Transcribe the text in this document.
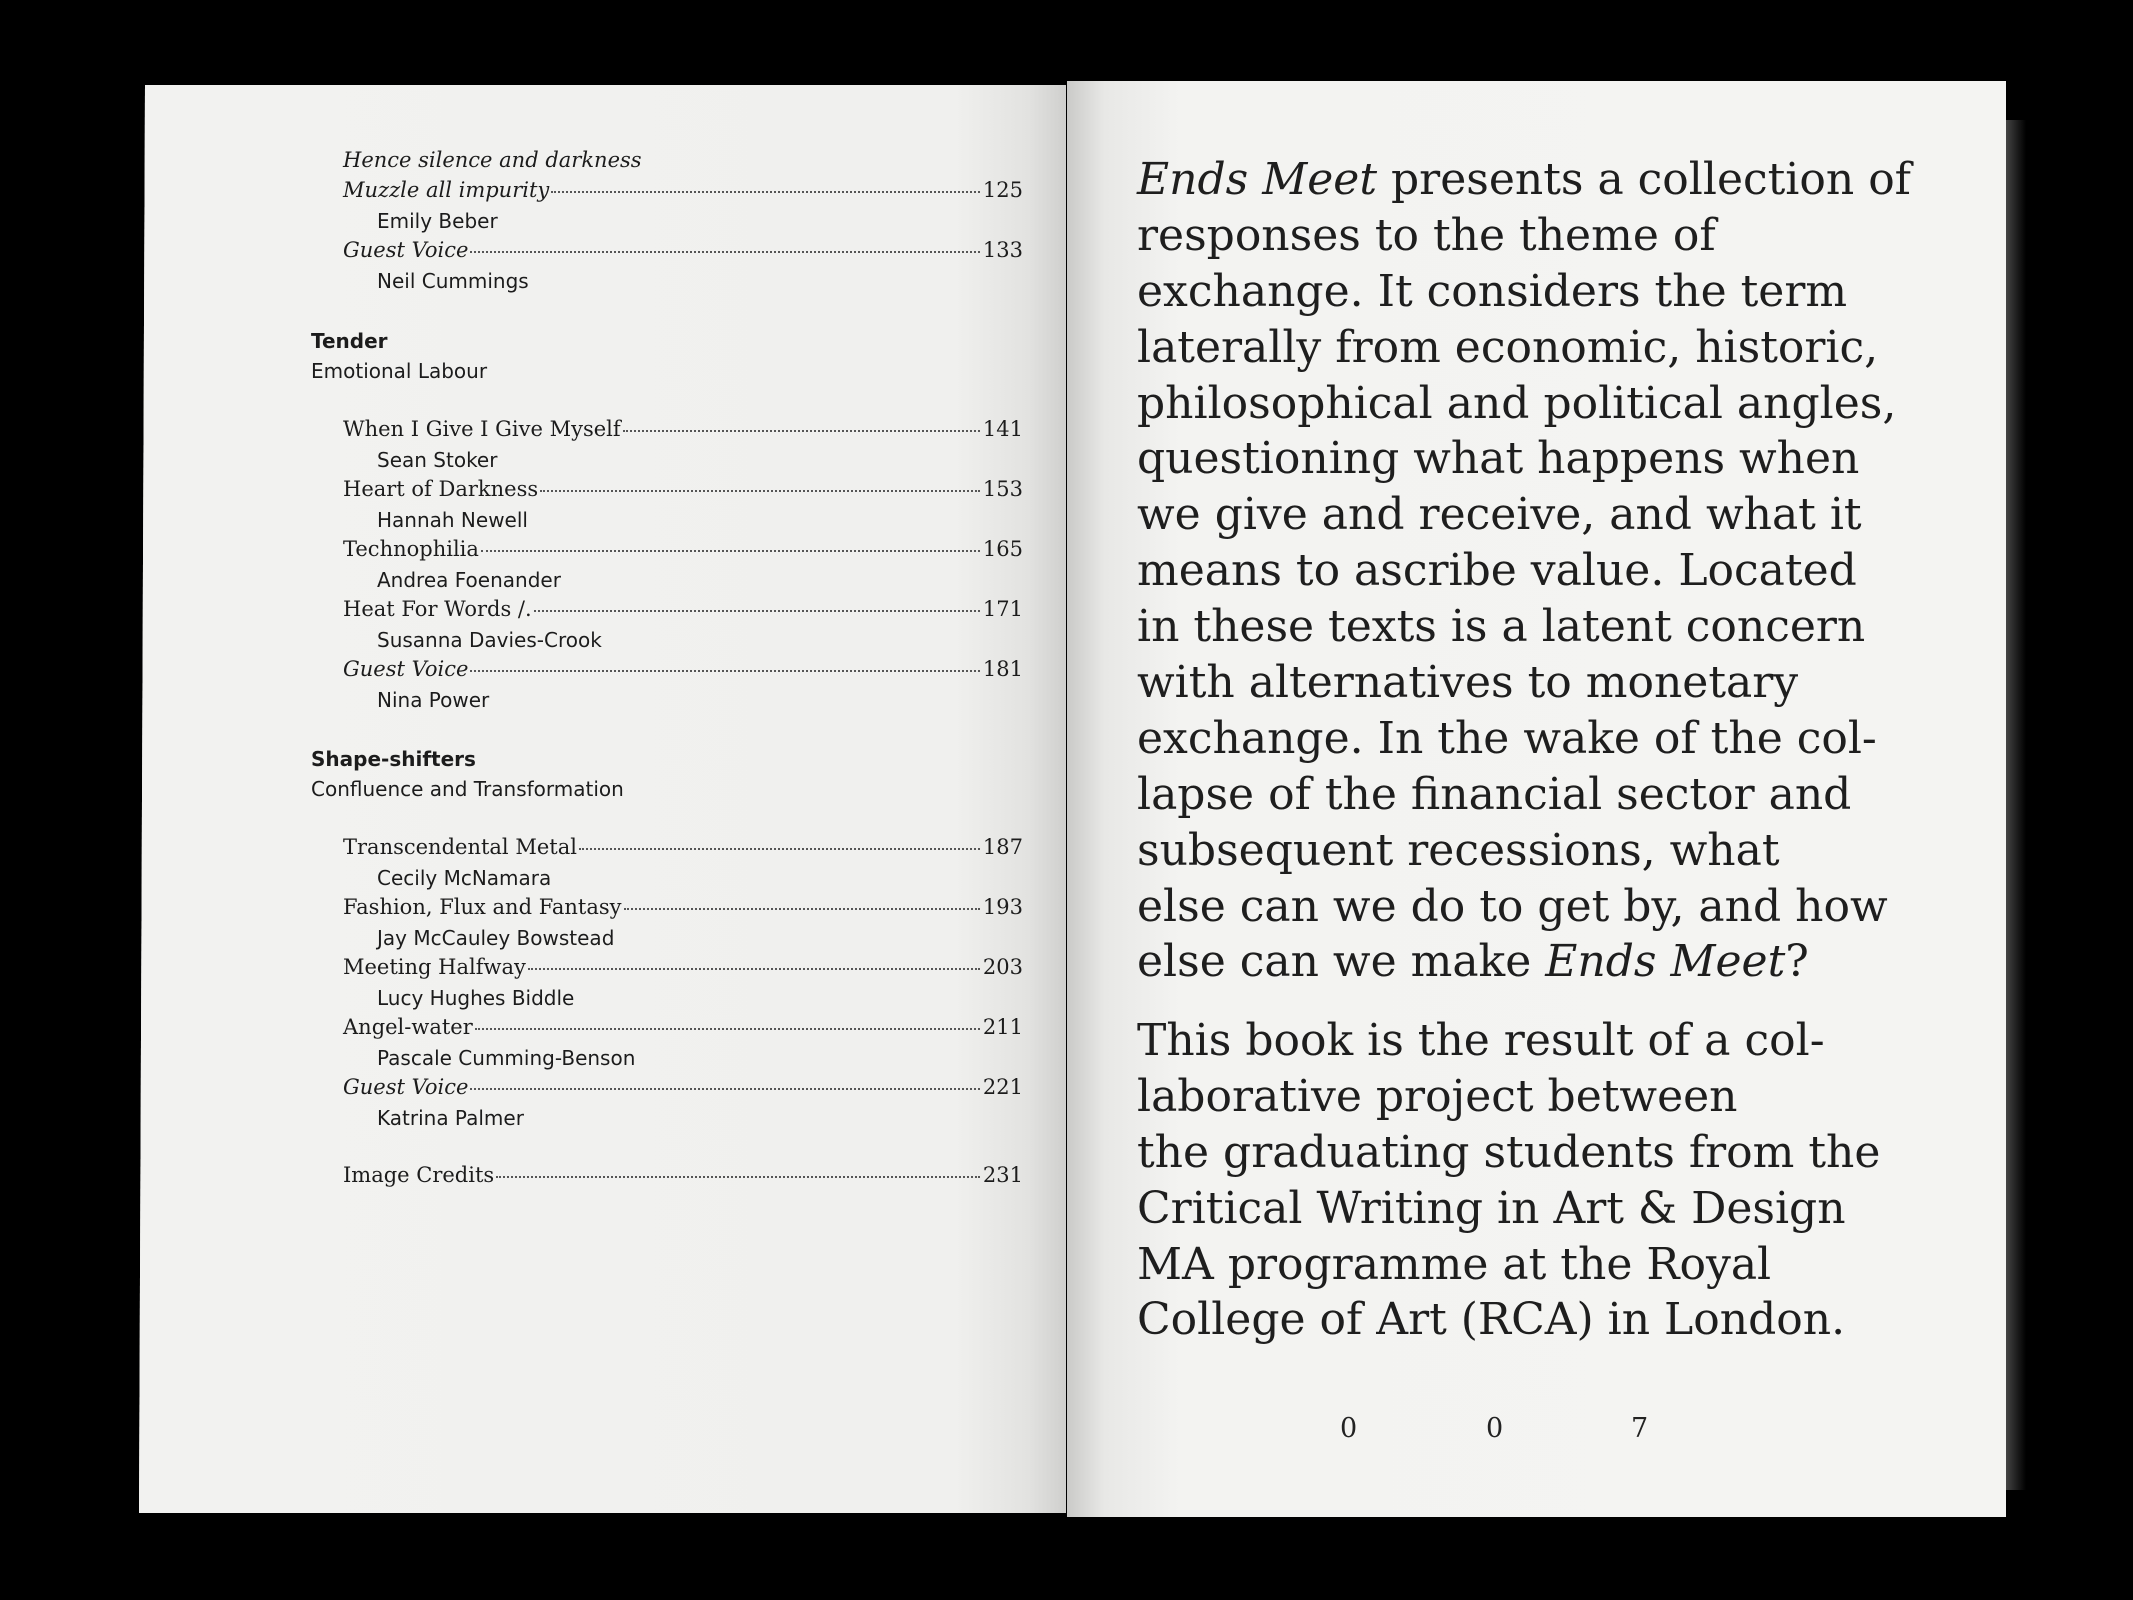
Hence silence and darkness
Muzzle all impurity	125
Emily Beber
Guest Voice	133
Neil Cummings
Tender
Emotional Labour
When I Give I Give Myself	141
Sean Stoker
Heart of Darkness	153
Hannah Newell
Technophilia	165
Andrea Foenander
Heat For Words /.	171
Susanna Davies-Crook
Guest Voice	181
Nina Power
Shape-shifters
Confluence and Transformation
Transcendental Metal	187
Cecily McNamara
Fashion, Flux and Fantasy	193
Jay McCauley Bowstead
Meeting Halfway	203
Lucy Hughes Biddle
Angel-water	211
Pascale Cumming-Benson
Guest Voice	221
Katrina Palmer
Image Credits	231
Ends Meet presents a collection of
responses to the theme of
exchange. It considers the term
laterally from economic, historic,
philosophical and political angles,
questioning what happens when
we give and receive, and what it
means to ascribe value. Located
in these texts is a latent concern
with alternatives to monetary
exchange. In the wake of the col-
lapse of the financial sector and
subsequent recessions, what
else can we do to get by, and how
else can we make Ends Meet?
This book is the result of a col-
laborative project between
the graduating students from the
Critical Writing in Art & Design
MA programme at the Royal
College of Art (RCA) in London.
0	0	7
